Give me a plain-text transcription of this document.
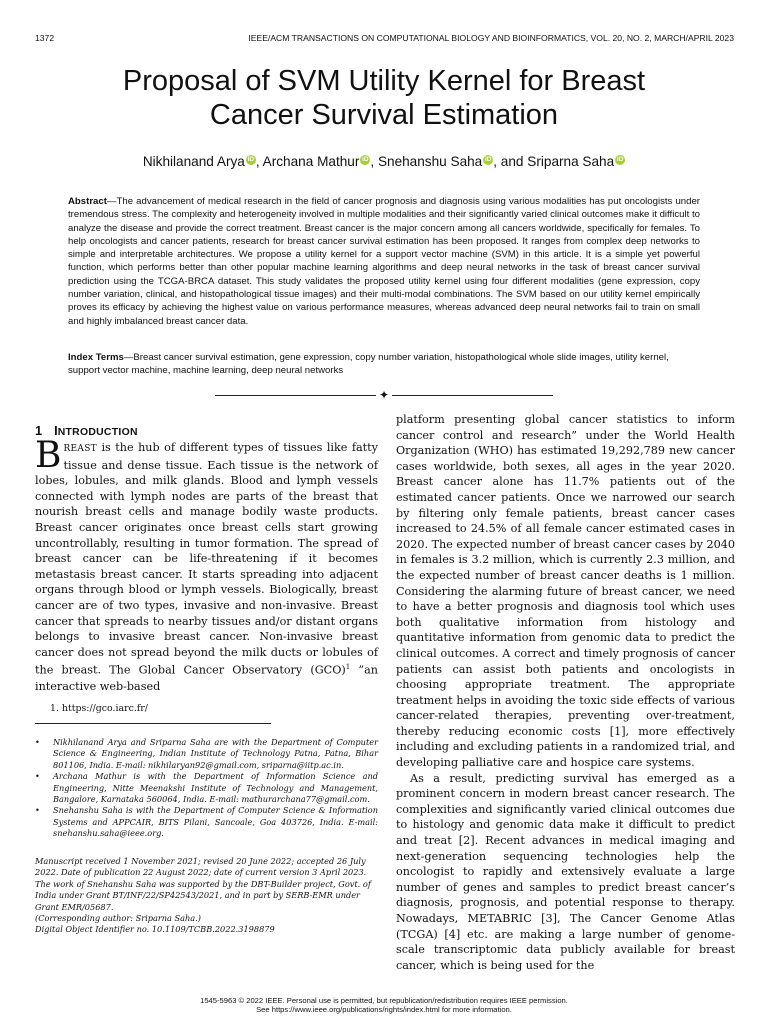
1372	IEEE/ACM TRANSACTIONS ON COMPUTATIONAL BIOLOGY AND BIOINFORMATICS, VOL. 20, NO. 2, MARCH/APRIL 2023
Proposal of SVM Utility Kernel for Breast
Cancer Survival Estimation
Nikhilanand Arya iD , Archana Mathur iD , Snehanshu Saha iD , and Sriparna Saha iD
Abstract—The advancement of medical research in the field of cancer prognosis and diagnosis using various modalities has put oncologists under tremendous stress. The complexity and heterogeneity involved in multiple modalities and their significantly varied clinical outcomes make it difficult to analyze the disease and provide the correct treatment. Breast cancer is the major concern among all cancers worldwide, specifically for females. To help oncologists and cancer patients, research for breast cancer survival estimation has been proposed. It ranges from complex deep networks to simple and interpretable architectures. We propose a utility kernel for a support vector machine (SVM) in this article. It is a simple yet powerful function, which performs better than other popular machine learning algorithms and deep neural networks in the task of breast cancer survival prediction using the TCGA-BRCA dataset. This study validates the proposed utility kernel using four different modalities (gene expression, copy number variation, clinical, and histopathological tissue images) and their multi-modal combinations. The SVM based on our utility kernel empirically proves its efficacy by achieving the highest value on various performance measures, whereas advanced deep neural networks fail to train on small and highly imbalanced breast cancer data.
Index Terms—Breast cancer survival estimation, gene expression, copy number variation, histopathological whole slide images, utility kernel, support vector machine, machine learning, deep neural networks
✦
1 INTRODUCTION

BREAST is the hub of different types of tissues like fatty tissue and dense tissue. Each tissue is the network of lobes, lobules, and milk glands. Blood and lymph vessels connected with lymph nodes are parts of the breast that nourish breast cells and manage bodily waste products. Breast cancer originates once breast cells start growing uncontrollably, resulting in tumor formation. The spread of breast cancer can be life-threatening if it becomes metastasis breast cancer. It starts spreading into adjacent organs through blood or lymph vessels. Biologically, breast cancer are of two types, invasive and non-invasive. Breast cancer that spreads to nearby tissues and/or distant organs belongs to invasive breast cancer. Non-invasive breast cancer does not spread beyond the milk ducts or lobules of the breast. The Global Cancer Observatory (GCO)$^1$ ”an interactive web-based

1. https://gco.iarc.fr/
• Nikhilanand Arya and Sriparna Saha are with the Department of Computer Science & Engineering, Indian Institute of Technology Patna, Patna, Bihar 801106, India. E-mail: nikhilaryan92@gmail.com, sriparna@iitp.ac.in.
• Archana Mathur is with the Department of Information Science and Engineering, Nitte Meenakshi Institute of Technology and Management, Bangalore, Karnataka 560064, India. E-mail: mathurarchana77@gmail.com.
• Snehanshu Saha is with the Department of Computer Science & Information Systems and APPCAIR, BITS Pilani, Sancoale, Goa 403726, India. E-mail: snehanshu.saha@ieee.org.
Manuscript received 1 November 2021; revised 20 June 2022; accepted 26 July 2022. Date of publication 22 August 2022; date of current version 3 April 2023.
The work of Snehanshu Saha was supported by the DBT-Builder project, Govt. of India under Grant BT/INF/22/SP42543/2021, and in part by SERB-EMR under Grant EMR/05687.
(Corresponding author: Sriparna Saha.)
Digital Object Identifier no. 10.1109/TCBB.2022.3198879

platform presenting global cancer statistics to inform cancer control and research” under the World Health Organization (WHO) has estimated 19,292,789 new cancer cases worldwide, both sexes, all ages in the year 2020. Breast cancer alone has 11.7% patients out of the estimated cancer patients. Once we narrowed our search by filtering only female patients, breast cancer cases increased to 24.5% of all female cancer estimated cases in 2020. The expected number of breast cancer cases by 2040 in females is 3.2 million, which is currently 2.3 million, and the expected number of breast cancer deaths is 1 million. Considering the alarming future of breast cancer, we need to have a better prognosis and diagnosis tool which uses both qualitative information from histology and quantitative information from genomic data to predict the clinical outcomes. A correct and timely prognosis of cancer patients can assist both patients and oncologists in choosing appropriate treatment. The appropriate treatment helps in avoiding the toxic side effects of various cancer-related therapies, preventing over-treatment, thereby reducing economic costs [1], more effectively including and excluding patients in a randomized trial, and developing palliative care and hospice care systems.

As a result, predicting survival has emerged as a prominent concern in modern breast cancer research. The complexities and significantly varied clinical outcomes due to histology and genomic data make it difficult to predict and treat [2]. Recent advances in medical imaging and next-generation sequencing technologies help the oncologist to rapidly and extensively evaluate a large number of genes and samples to predict breast cancer’s diagnosis, prognosis, and potential response to therapy. Nowadays, METABRIC [3], The Cancer Genome Atlas (TCGA) [4] etc. are making a large number of genome-scale transcriptomic data publicly available for breast cancer, which is being used for the

1545-5963 © 2022 IEEE. Personal use is permitted, but republication/redistribution requires IEEE permission.
See https://www.ieee.org/publications/rights/index.html for more information.
